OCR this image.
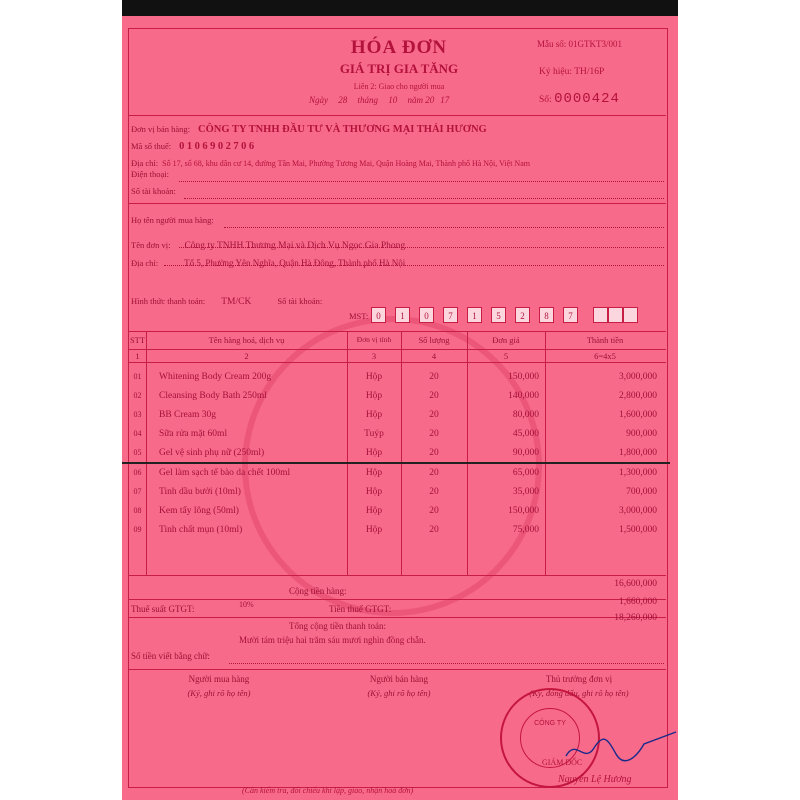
HÓA ĐƠN
GIÁ TRỊ GIA TĂNG
Liên 2: Giao cho người mua
Ngày 28 tháng 10 năm 20 17
Mẫu số: 01GTKT3/001
Ký hiệu: TH/16P
Số: 0000424
Đơn vị bán hàng: CÔNG TY TNHH ĐẦU TƯ VÀ THƯƠNG MẠI THÁI HƯƠNG
Mã số thuế: 0106902706
Địa chỉ: Số 17, số 68, khu dân cư 14, đường Tân Mai, Phường Tương Mai, Quận Hoàng Mai, Thành phố Hà Nội, Việt Nam
Điện thoại:
Số tài khoản:
Họ tên người mua hàng:
Tên đơn vị: Công ty TNHH Thương Mại và Dịch Vụ Ngọc Gia Phong
Địa chỉ:	Tổ 5, Phường Yên Nghĩa, Quận Hà Đông, Thành phố Hà Nội
Hình thức thanh toán: TM/CK	Số tài khoản:
MST: 0	1	0	7	1	5	2	8	7
STT	Tên hàng hoá, dịch vụ	Đơn vị tính	Số lượng	Đơn giá	Thành tiền
1	2	3	4	5	6=4x5
01	Whitening Body Cream 200g	Hộp	20	150,000	3,000,000
02	Cleansing Body Bath 250ml	Hộp	20	140,000	2,800,000
03	BB Cream 30g	Hộp	20	80,000	1,600,000
04	Sữa rửa mặt 60ml	Tuýp	20	45,000	900,000
05	Gel vệ sinh phụ nữ (250ml)	Hộp	20	90,000	1,800,000
06	Gel làm sạch tế bào da chết 100ml	Hộp	20	65,000	1,300,000
07	Tinh dầu bưởi (10ml)	Hộp	20	35,000	700,000
08	Kem tẩy lông (50ml)	Hộp	20	150,000	3,000,000
09	Tinh chất mụn (10ml)	Hộp	20	75,000	1,500,000
Cộng tiền hàng:
16,600,000
Thuế suất GTGT:	10%	Tiền thuế GTGT:
1,660,000
Tổng cộng tiền thanh toán:
18,260,000
Mười tám triệu hai trăm sáu mươi nghìn đồng chẵn.
Số tiền viết bằng chữ:
Người mua hàng
(Ký, ghi rõ họ tên)
Người bán hàng
(Ký, ghi rõ họ tên)
Thủ trưởng đơn vị
(Ký, đóng dấu, ghi rõ họ tên)
CÔNG TY
GIÁM ĐỐC
Nguyễn Lệ Hương
(Cần kiểm tra, đối chiếu khi lập, giao, nhận hoá đơn)
